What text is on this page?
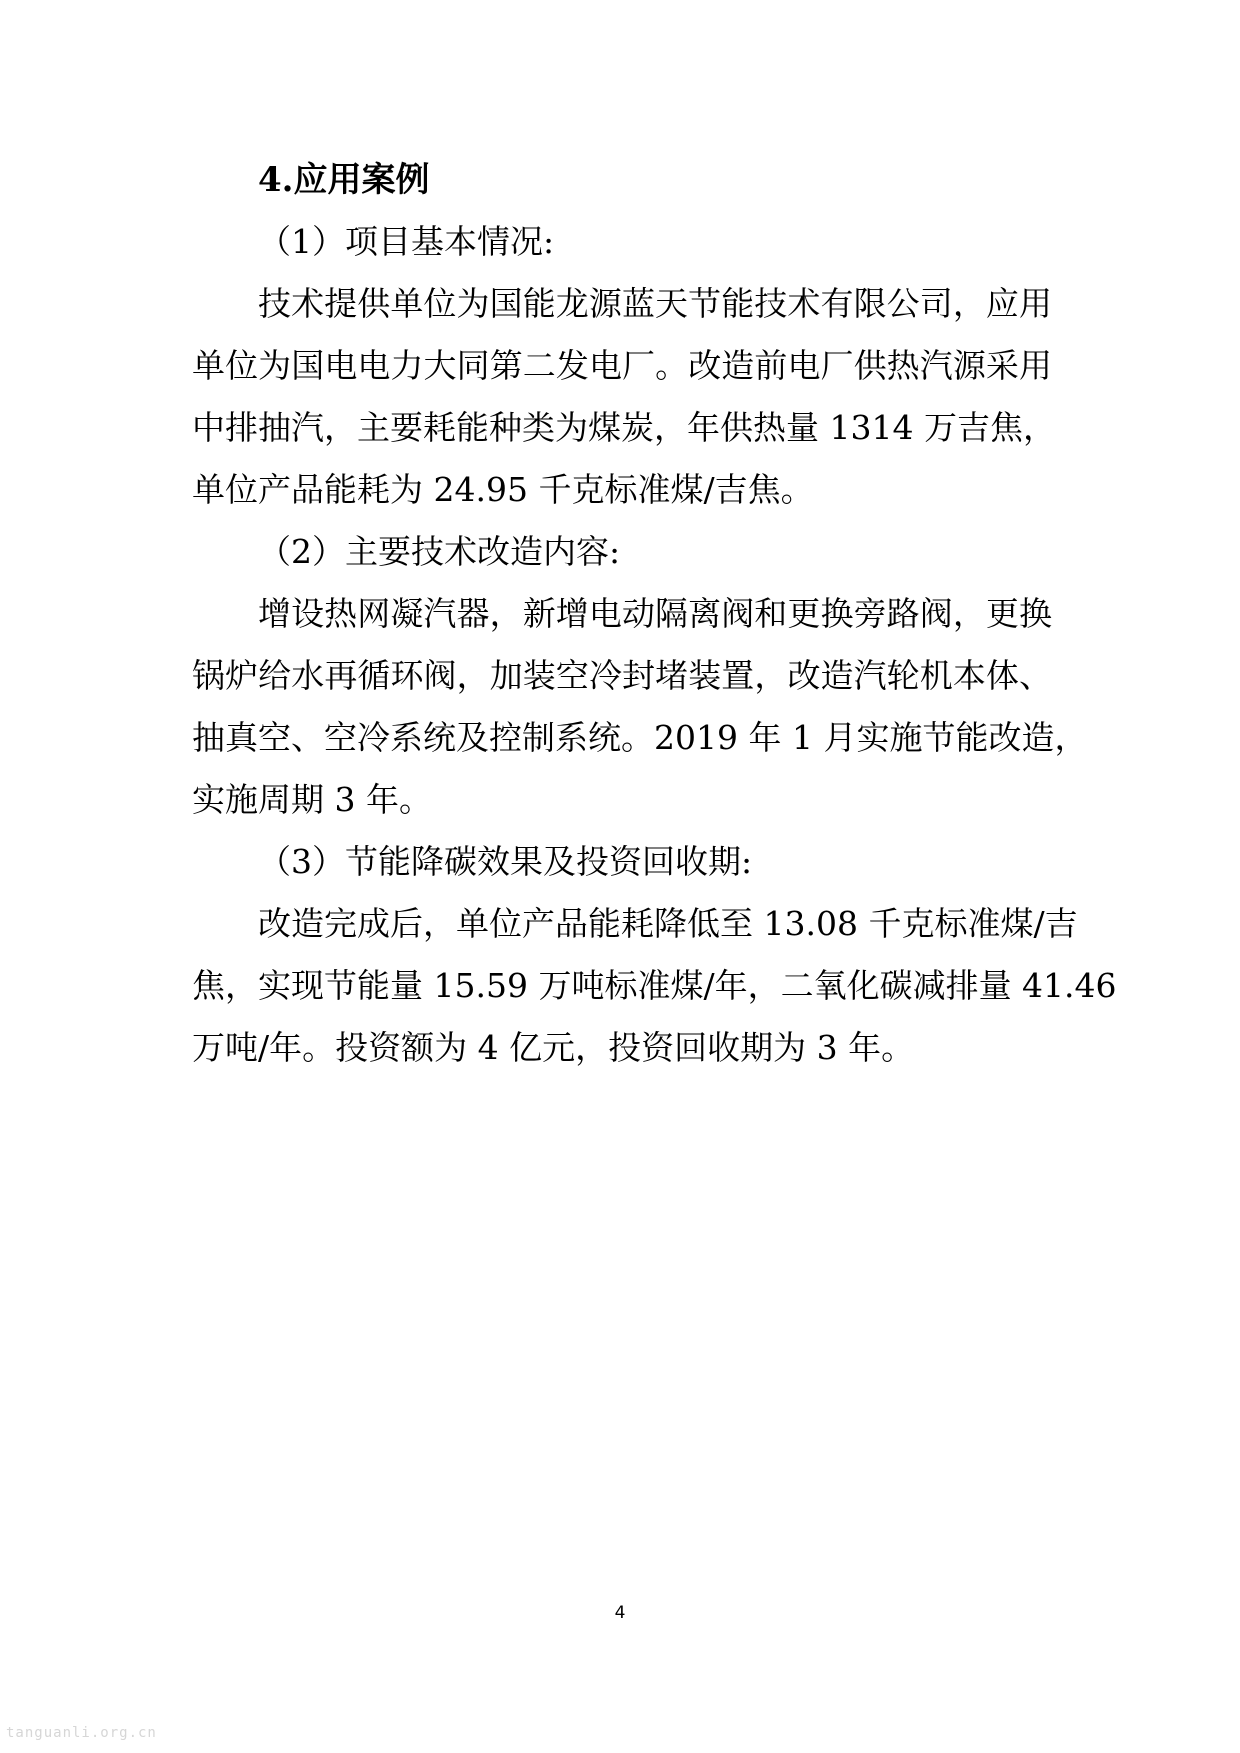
4.应用案例
（1）项目基本情况:
技术提供单位为国能龙源蓝天节能技术有限公司，应用
单位为国电电力大同第二发电厂。改造前电厂供热汽源采用
中排抽汽，主要耗能种类为煤炭，年供热量 1314 万吉焦，
单位产品能耗为 24.95 千克标准煤/吉焦。
（2）主要技术改造内容:
增设热网凝汽器，新增电动隔离阀和更换旁路阀，更换
锅炉给水再循环阀，加装空冷封堵装置，改造汽轮机本体、
抽真空、空冷系统及控制系统。2019 年 1 月实施节能改造，
实施周期 3 年。
（3）节能降碳效果及投资回收期:
改造完成后，单位产品能耗降低至 13.08 千克标准煤/吉
焦，实现节能量 15.59 万吨标准煤/年，二氧化碳减排量 41.46
万吨/年。投资额为 4 亿元，投资回收期为 3 年。
4
tanguanli.org.cn
